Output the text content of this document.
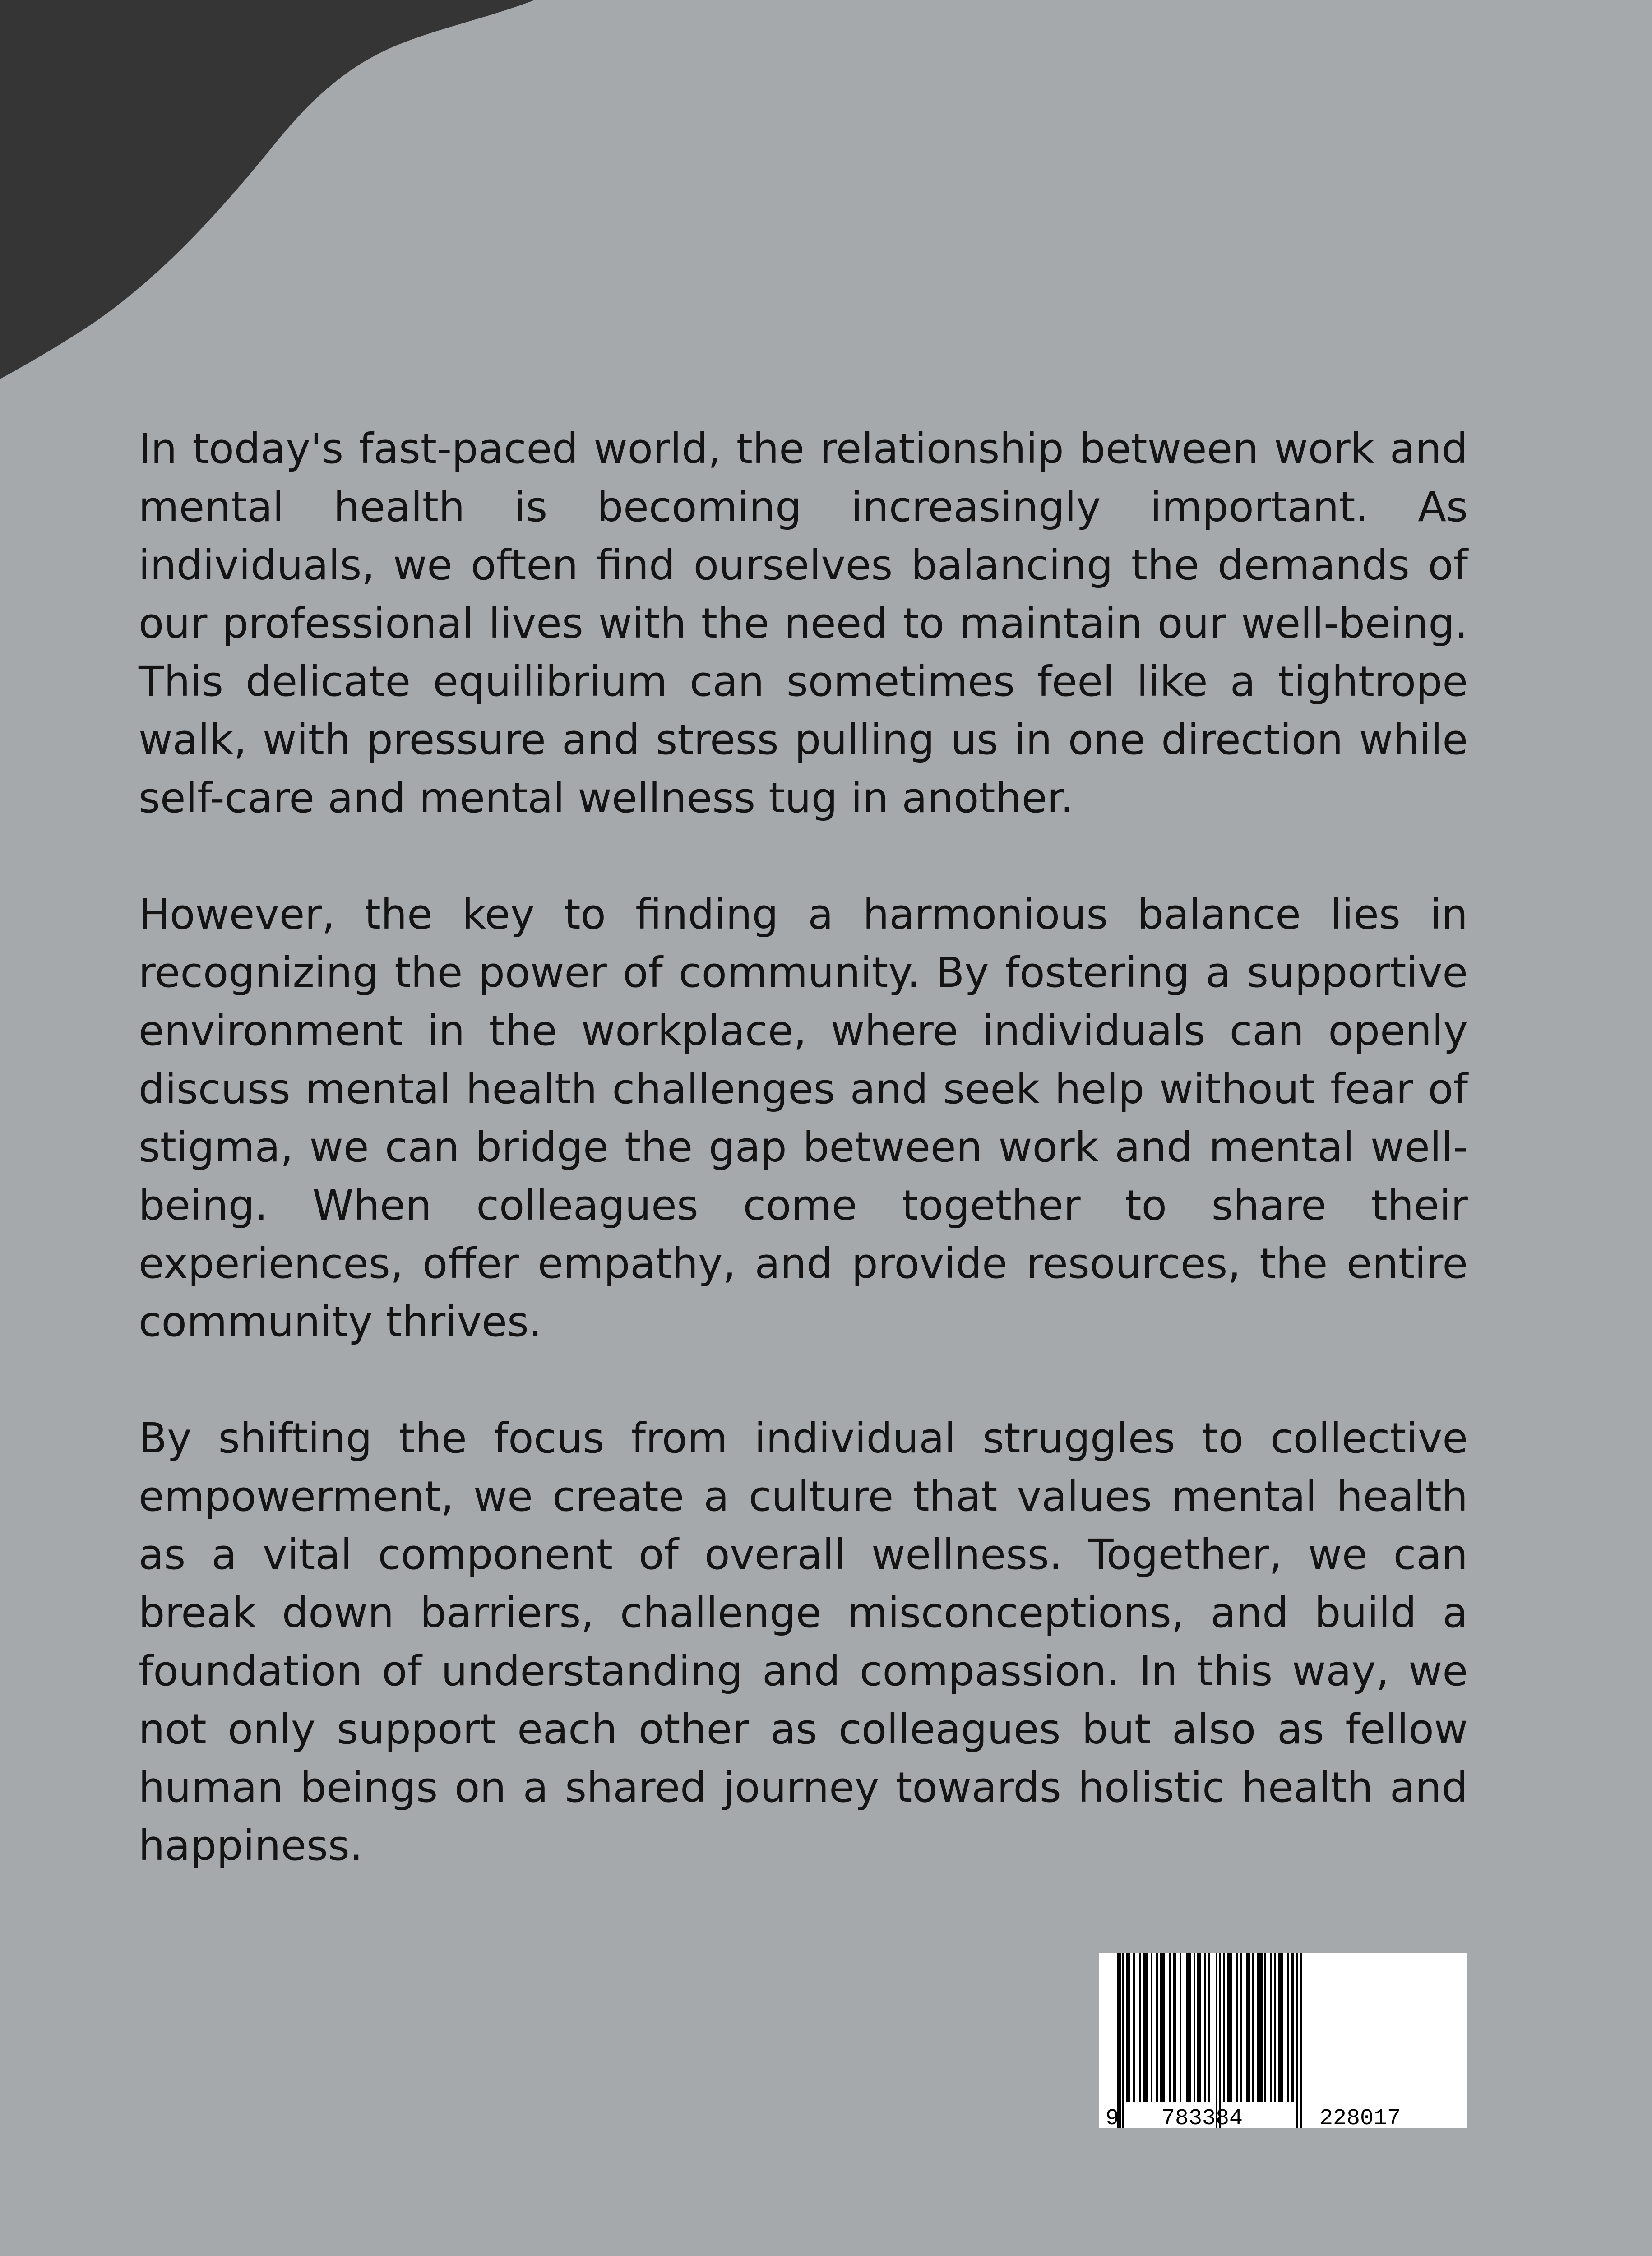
In today's fast-paced world, the relationship between work and mental health is becoming increasingly important. As individuals, we often find ourselves balancing the demands of our professional lives with the need to maintain our well-being. This delicate equilibrium can sometimes feel like a tightrope walk, with pressure and stress pulling us in one direction while self-care and mental wellness tug in another.

However, the key to finding a harmonious balance lies in recognizing the power of community. By fostering a supportive environment in the workplace, where individuals can openly discuss mental health challenges and seek help without fear of stigma, we can bridge the gap between work and mental well-being. When colleagues come together to share their experiences, offer empathy, and provide resources, the entire community thrives.

By shifting the focus from individual struggles to collective empowerment, we create a culture that values mental health as a vital component of overall wellness. Together, we can break down barriers, challenge misconceptions, and build a foundation of understanding and compassion. In this way, we not only support each other as colleagues but also as fellow human beings on a shared journey towards holistic health and happiness.

9 783384	228017
